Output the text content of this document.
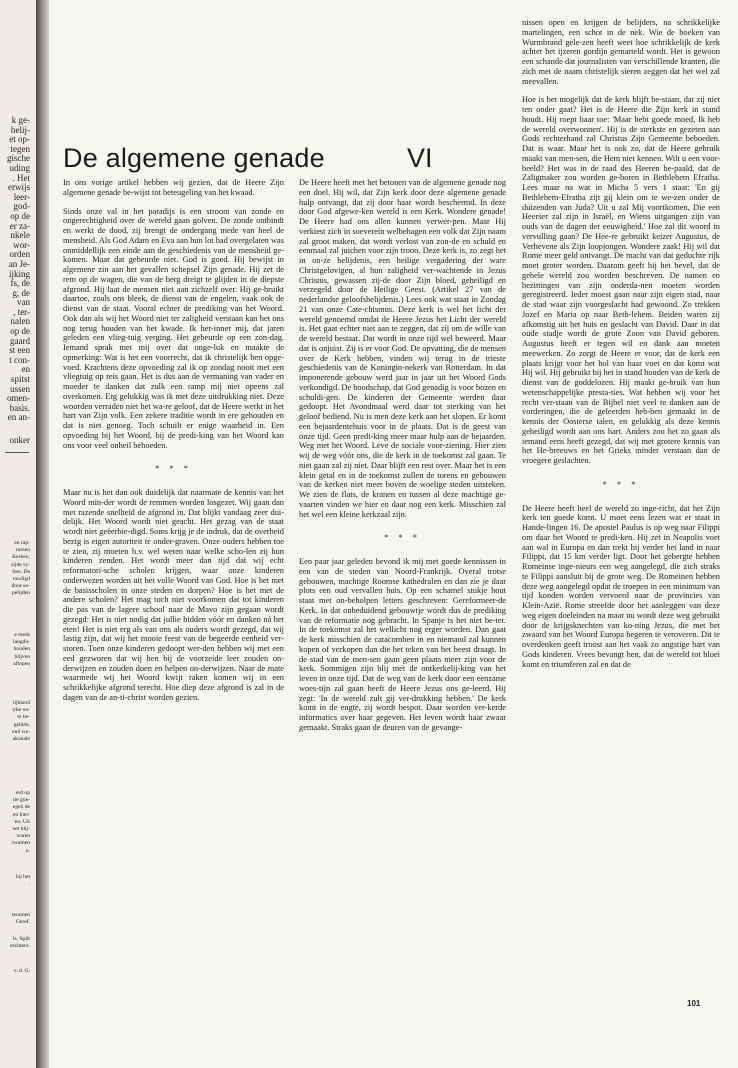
k ge-
belij-
et op-
tegen
gische
uding
. Het
erwijs
leer-
god-
op de
er za-
nkele
wor-
orden
an Je-
ijking
fs, de
g, de
van
, ter-
nalen
op de
gaard
st een
t con-
en
spitst
ussen
omen-
basis.
en an-
onker
en rap-
tussen
Kerken,
zijde sy-
lien. De
modigd
door so-
pelijden
e reeds
langdu-
houden
blijven
aflopen
lijkheid
(die on-
te be-
gelden.
end we-
akonale
erd op
tie goe-
egen de
en hier-
en. Uit
oet blij-
waren
twamen
n.
bij het
.
teramen
Geref.
is. Spilt
erzitters-
v. d. G.
De algemene genade	VI

In ons vorige artikel hebben wij gezien, dat de Heere Zijn algemene genade be-wijst tot beteugeling van het kwaad.

Sinds onze val in het paradijs is een stroom van zonde en ongerechtigheid over de wereld gaan golven. De zonde ontbindt en werkt de dood, zij brengt de ondergang mede van heel de mensheid. Als God Adam en Eva aan hun lot had overgelaten was onmiddellijk een einde aan de geschiedenis van de mensheid ge-komen. Maar dat gebeurde niet. God is goed. Hij bewijst in algemene zin aan het gevallen schepsel Zijn genade. Hij zet de rem op de wagen, die van de berg dreigt te glijden in de diepste afgrond. Hij laat de mensen niet aan zichzelf over. Hij ge-bruikt daartoe, zoals ons bleek, de dienst van de engelen, vaak ook de dienst van de staat. Vooral echter de prediking van het Woord. Ook dan als wij het Woord niet ter zaligheid verstaan kan het ons nog terug houden van het kwade. Ik her-inner mij, dat jaren geleden een vlieg-tuig verging. Het gebeurde op een zon-dag. Iemand sprak met mij over dat onge-luk en maakte de opmerking: Wat is het een voorrecht, dat ik christelijk ben opge-voed. Krachtens deze opvoeding zal ik op zondag nooit met een vliegtuig op reis gaan. Het is dus aan de vermaning van vader en moeder te danken dat zulk een ramp mij niet opeens zal overkomen. Erg gelukkig was ik met deze uitdrukking niet. Deze woorden verraden niet het wa-re geloof, dat de Heere werkt in het hart van Zijn volk. Een zekere traditie wordt in ere gehouden en dat is niet genoeg. Toch schuilt er enige waarheid in. Een opvoeding bij het Woord, bij de predi-king van het Woord kan ons voor veel onheil behoeden.

* * *

Maar nu is het dan ook duidelijk dat naarmate de kennis van het Woord min-der wordt de remmen worden losgezet. Wij gaan dan met razende snelheid de afgrond in. Dat blijkt vandaag zeer dui-delijk. Het Woord wordt niet geacht. Het gezag van de staat wordt niet geëerbie-digd. Soms krijg je de indruk, dat de overheid bezig is eigen autoriteit te onder-graven. Onze ouders hebben toe te zien, zij moeten b.v. wel weten naar welke scho-len zij hun kinderen zenden. Het wordt meer dan tijd dat wij echt reformatori-sche scholen krijgen, waar onze kinderen onderwezen worden uit het volle Woord van God. Hoe is het met de basisscholen in onze steden en dorpen? Hoe is het met de andere scholen? Het mag toch niet voorkomen dat tot kinderen die pas van de lagere school naar de Mavo zijn gegaan wordt gezegd: Het is niet nodig dat jullie bidden vóór en danken ná het eten! Het is niet erg als van ons als ouders wordt gezegd, dat wij lastig zijn, dat wij het mooie feest van de begeerde eenheid ver-storen. Toen onze kinderen gedoopt wer-den hebben wij met een eed gezworen dat wij hen bij de voorzeide leer zouden on-derwijzen en zouden doen en helpen on-derwijzen. Naar de mate waarmede wij het Woord kwijt raken komen wij in een schrikkelijke afgrond terecht. Hoe diep deze afgrond is zal in de dagen van de an-ti-christ worden gezien.

De Heere heeft met het betonen van de algemene genade nog een doel. Hij wil, dat Zijn kerk door deze algemene genade hulp ontvangt, dat zij door haar wordt beschermd. In deze door God afgewe-ken wereld is een Kerk. Wondere genade! De Heere had ons allen kunnen verwer-pen. Maar Hij verkiest zich in soevereín welbehagen een volk dat Zijn naam zal groot maken, dat wordt verlost van zon-de en schuld en eenmaal zal juichen voor zijn troon. Deze kerk is, zo zegt het in on-ze belijdenis, een heilige vergadering der ware Christgelovigen, al hun zaligheid ver-wachtende in Jezus Christus, gewassen zij-de door Zijn bloed, geheiligd en verzegeld door de Heilige Geest. (Artikel 27 van de nederlandse geloofsbelijdenis.) Lees ook wat staat in Zondag 21 van onze Cate-chismus. Deze kerk is wel het licht der wereld genoemd omdat de Heere Jezus het Licht der wereld is. Het gaat echter niet aan te zeggen, dat zij om de wille van de wereld bestaat. Dat wordt in onze tijd wel beweerd. Maar dat is onjuist. Zij is er voor God. De opvatting, die de mensen over de Kerk hebben, vinden wij terug in de trieste geschiedenis van de Koningin-nekerk van Rotterdam. In dat imponerende gebouw werd jaar in jaar uit het Woord Gods verkondigd. De boodschap, dat God genadig is voor bozen en schuldi-gen. De kinderen der Gemeente werden daar gedoopt. Het Avondmaal werd daar tot sterking van het geloof bediend. Nu is men deze kerk aan het slopen. Er komt een bejaardentehuis voor in de plaats. Dat is de geest van onze tijd. Geen predi-king meer maar hulp aan de bejaarden. Weg met het Woord. Leve de sociale voor-ziening. Hier zien wij de weg vóór ons, die de kerk in de toekomst zal gaan. Te niet gaan zal zij niet. Daar blijft een rest over. Maar het is een klein getal en in de toekomst zullen de torens en gebouwen van de kerken niet meer boven de woelige steden uitsteken. We zien de flats, de kranen en tussen al deze machtige ge-vaarten vinden we hier en daar nog een kerk. Misschien zal het wel een kleine kerkzaal zijn.

* * *

Een paar jaar geleden bevond ik mij met goede kennissen in een van de steden van Noord-Frankrijk. Overal trotse gebouwen, machtige Roomse kathedralen en dan zie je daar plots een oud vervallen huis. Op een schamel stukje hout staat met on-beholpen letters geschreven: Gereformeer-de Kerk. In dat onbeduidend gebouwtje wordt dus de prediking van de reformatie nog gebracht. In Spanje is het niet be-ter. In de toekomst zal het wellicht nog erger worden. Dan gaat de kerk misschien de catacomben in en niemand zal kunnen kopen of verkopen dan die het teken van het beest draagt. In de stad van de men-sen gaan geen plaats meer zijn voor de kerk. Sommigen zijn blij met de ontkerkelij-king van het leven in onze tijd. Dat de weg van de kerk door een eenzame woes-tijn zal gaan heeft de Heere Jezus ons ge-leerd. Hij zegt: 'In de wereld zult gij ver-drukking hebben.' De kerk komt in de engte, zij wordt bespot. Daar worden ver-kerde informatics over haar gegeven. Het leven wordt haar zwaar gemaakt. Straks gaan de deuren van de gevange-

nissen open en krijgen de belijders, na schrikkelijke martelingen, een schot in de nek. Wie de boeken van Wurmbrand gele-zen heeft weet hoe schrikkelijk de kerk achter het ijzeren gordijn gemarteld wordt. Het is gewoon een schande dat journalisten van verschillende kranten, die zich met de naam christelijk sieren zeggen dat het wel zal meevallen.

Hoe is het mogelijk dat de kerk blijft be-staan, dat zij niet ten onder gaat? Het is de Heere die Zijn kerk in stand houdt. Hij roept haar toe: 'Maar hebt goede moed, Ik heb de wereld overwonnen'. Hij is de sterkste en gezeten aan Gods rechterhand zal Christus Zijn Gemeente behoeden. Dat is waar. Maar het is ook zo, dat de Heere gebruik maakt van men-sen, die Hem niet kennen. Wilt u een voor-beeld? Het was in de raad des Heeren be-paald, dat de Zaligmaker zou worden ge-boren in Bethlehem Efratha. Lees maar na wat in Micha 5 vers 1 staat: 'En gij Bethlehem-Efratha zijt gij klein om te we-zen onder de duizenden van Juda? Uit u zal Mij voortkomen, Die een Heerser zal zijn in Israël, en Wiens uitgangen zijn van ouds van de dagen der eeuwigheid.' Hoe zal dit woord in vervulling gaan? De Hee-re gebruikt keizer Augustus, de Verhevene als Zijn loopjongen. Wondere zaak! Hij wil dat Rome meer geld ontvangt. De macht van dat geduchte rijk moet groter worden. Daarom geeft hij het bevel, dat de gehele wereld zou worden beschreven. De namen en bezittingen van zijn onderda-nen moeten worden geregistreerd. Ieder moest gaan naar zijn eigen stad, naar de stad waar zijn voorgeslacht had gewoond. Zo trekken Jozef en Maria op naar Beth-lehem. Beiden waren zij afkomstig uit het huis en geslacht van David. Daar in dat oude stadje wordt de grote Zoon van David geboren. Augustus heeft er tegen wil en dank aan moeten meewerken. Zo zorgt de Heere er voor, dat de kerk een plaats krijgt voor het hol van haar voet en dat komt wat Hij wil. Hij gebruikt bij het in stand houden van de kerk de dienst van de goddelozen. Hij maakt ge-bruik van hun wetenschappelijke presta-ties. Wat hebben wij voor het recht ver-staan van de Bijbel niet veel te danken aan de vorderingen, die de geleerden heb-ben gemaakt in de kennis der Oosterse talen, en gelukkig als deze kennis geheiligd wordt aan ons hart. Anders zou het zo gaan als iemand eens heeft gezegd, dat wij met grotere kennis van het He-breeuws en het Grieks minder verstaan dan de vroegere geslachten.

* * *

De Heere heeft heel de wereld zo inge-richt, dat het Zijn kerk ten goede komt. U moet eens lezen wat er staat in Hande-lingen 16. De apostel Paulus is op weg naar Filippi om daar het Woord te predi-ken. Hij zet in Neapolis voet aan wal in Europa en dan trekt hij verder het land in naar Filippi, dat 15 km verder ligt. Door het gebergte hebben Romeinse inge-nieurs een weg aangelegd, die zich straks te Filippi aansluit bij de grote weg. De Romeinen hebben deze weg aangelegd opdat de troepen in een minimum van tijd konden worden vervoerd naar de provincies van Klein-Azië. Rome streefde door het aanleggen van deze weg eigen doeleinden na maar nu wordt deze weg gebruikt door de krijgsknechten van ko-ning Jezus, die met het zwaard van het Woord Europa begeren te veroveren. Dit te overdenken geeft troost aan het vaak zo angstige hart van Gods kinderen. Vrees bevangt hen, dat de wereld tot bloei komt en triumferen zal en dat de

101
